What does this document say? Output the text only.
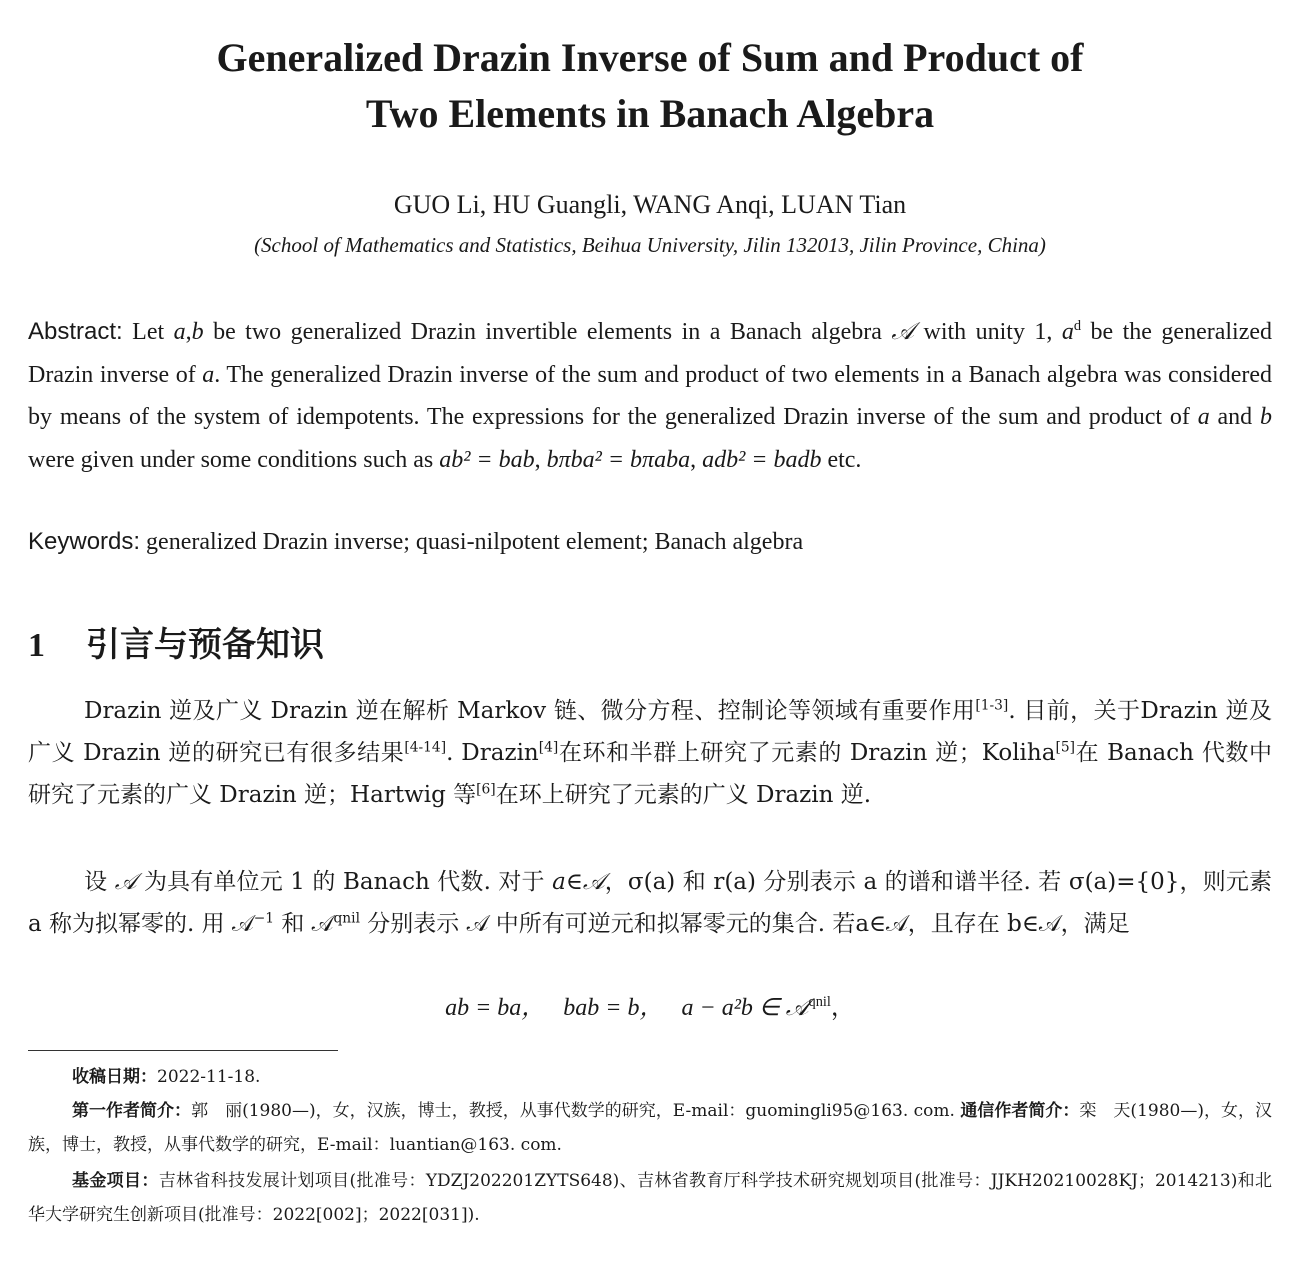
Generalized Drazin Inverse of Sum and Product of
Two Elements in Banach Algebra
GUO Li, HU Guangli, WANG Anqi, LUAN Tian
(School of Mathematics and Statistics, Beihua University, Jilin 132013, Jilin Province, China)
Abstract: Let a,b be two generalized Drazin invertible elements in a Banach algebra 𝒜 with unity 1, $a^d$ be the generalized Drazin inverse of a. The generalized Drazin inverse of the sum and product of two elements in a Banach algebra was considered by means of the system of idempotents. The expressions for the generalized Drazin inverse of the sum and product of a and b were given under some conditions such as ab² = bab, bπba² = bπaba, adb² = badb etc.
Keywords: generalized Drazin inverse; quasi-nilpotent element; Banach algebra
1 引言与预备知识
Drazin 逆及广义 Drazin 逆在解析 Markov 链、微分方程、控制论等领域有重要作用[1-3]. 目前，关于Drazin 逆及广义 Drazin 逆的研究已有很多结果[4-14]. Drazin[4]在环和半群上研究了元素的 Drazin 逆；Koliha[5]在 Banach 代数中研究了元素的广义 Drazin 逆；Hartwig 等[6]在环上研究了元素的广义 Drazin 逆.
设 𝒜 为具有单位元 1 的 Banach 代数. 对于 a∈𝒜，σ(a) 和 r(a) 分别表示 a 的谱和谱半径. 若 σ(a)={0}，则元素 a 称为拟幂零的. 用 𝒜$^{-1}$ 和 𝒜$^{qnil}$ 分别表示 𝒜 中所有可逆元和拟幂零元的集合. 若a∈𝒜，且存在 b∈𝒜，满足
ab = ba， bab = b， a − a²b ∈ 𝒜$^{qnil}$，
收稿日期：2022-11-18.
第一作者简介：郭　丽(1980—)，女，汉族，博士，教授，从事代数学的研究，E-mail：guomingli95@163. com. 通信作者简介：栾　天(1980—)，女，汉族，博士，教授，从事代数学的研究，E-mail：luantian@163. com.
基金项目：吉林省科技发展计划项目(批准号：YDZJ202201ZYTS648)、吉林省教育厅科学技术研究规划项目(批准号：JJKH20210028KJ；2014213)和北华大学研究生创新项目(批准号：2022[002]；2022[031]).
